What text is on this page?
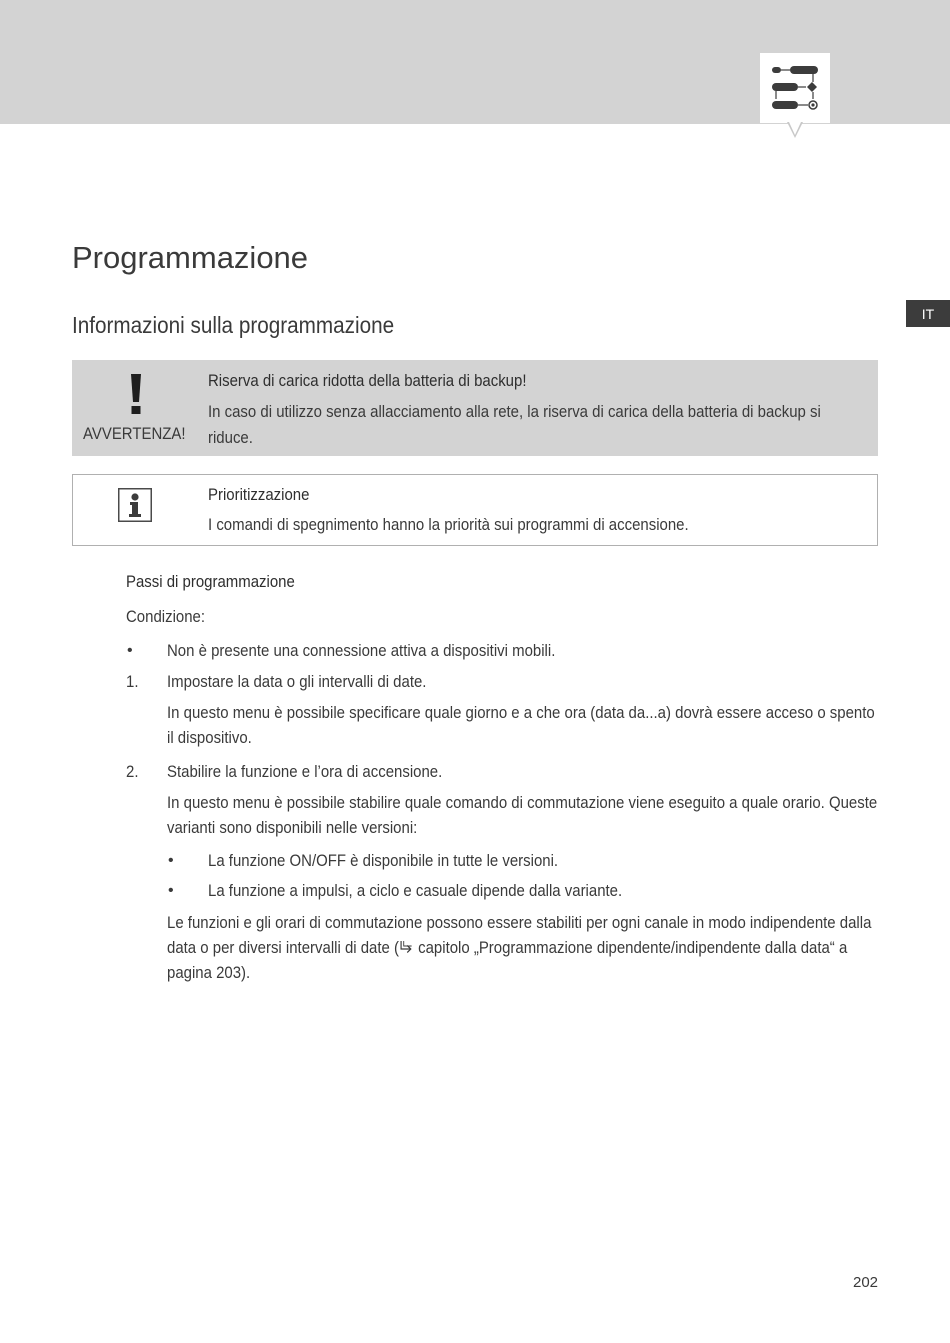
IT
Programmazione
Informazioni sulla programmazione
AVVERTENZA!
Riserva di carica ridotta della batteria di backup!
In caso di utilizzo senza allacciamento alla rete, la riserva di carica della batteria di backup si riduce.
Prioritizzazione
I comandi di spegnimento hanno la priorità sui programmi di accensione.
Passi di programmazione
Condizione:
• Non è presente una connessione attiva a dispositivi mobili.
1. Impostare la data o gli intervalli di date.
In questo menu è possibile specificare quale giorno e a che ora (data da...a) dovrà essere acceso o spento il dispositivo.
2. Stabilire la funzione e l’ora di accensione.
In questo menu è possibile stabilire quale comando di commutazione viene eseguito a quale orario. Queste varianti sono disponibili nelle versioni:
• La funzione ON/OFF è disponibile in tutte le versioni.
• La funzione a impulsi, a ciclo e casuale dipende dalla variante.
Le funzioni e gli orari di commutazione possono essere stabiliti per ogni canale in modo indipendente dalla data o per diversi intervalli di date ( capitolo „Programmazione dipendente/indipendente dalla data“ a pagina 203).
202
